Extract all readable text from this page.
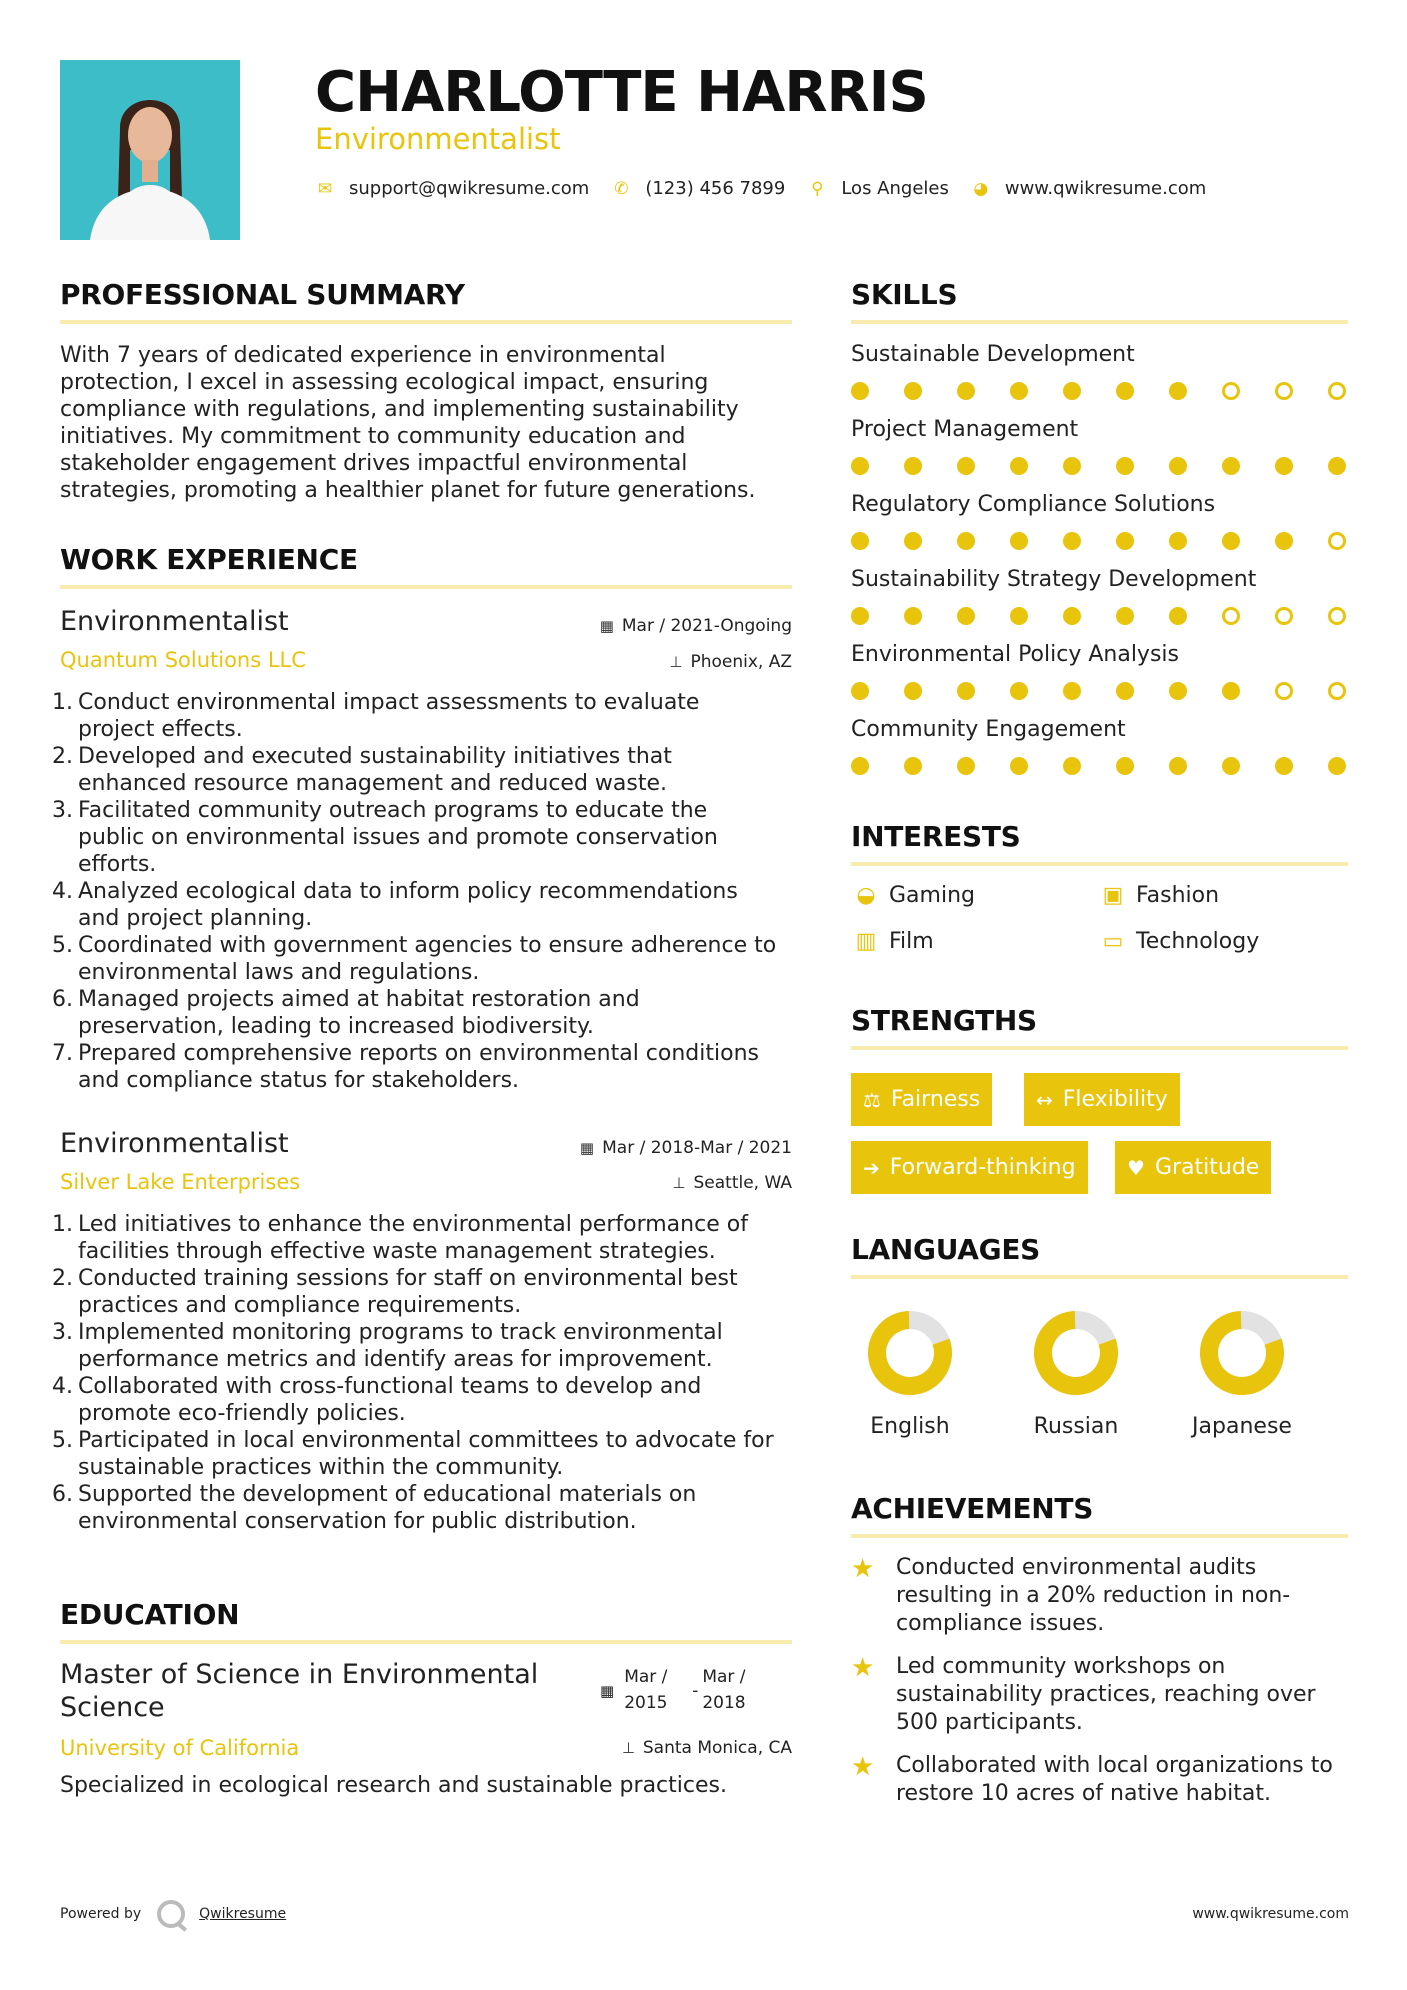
CHARLOTTE HARRIS
Environmentalist
✉ support@qwikresume.com ✆ (123) 456 7899 ⚲ Los Angeles ◕ www.qwikresume.com
PROFESSIONAL SUMMARY
With 7 years of dedicated experience in environmental protection, I excel in assessing ecological impact, ensuring compliance with regulations, and implementing sustainability initiatives. My commitment to community education and stakeholder engagement drives impactful environmental strategies, promoting a healthier planet for future generations.
WORK EXPERIENCE
Environmentalist	▦ Mar / 2021-Ongoing
Quantum Solutions LLC	⊥ Phoenix, AZ
1. Conduct environmental impact assessments to evaluate project effects.
2. Developed and executed sustainability initiatives that enhanced resource management and reduced waste.
3. Facilitated community outreach programs to educate the public on environmental issues and promote conservation efforts.
4. Analyzed ecological data to inform policy recommendations and project planning.
5. Coordinated with government agencies to ensure adherence to environmental laws and regulations.
6. Managed projects aimed at habitat restoration and preservation, leading to increased biodiversity.
7. Prepared comprehensive reports on environmental conditions and compliance status for stakeholders.
Environmentalist	▦ Mar / 2018-Mar / 2021
Silver Lake Enterprises	⊥ Seattle, WA
1. Led initiatives to enhance the environmental performance of facilities through effective waste management strategies.
2. Conducted training sessions for staff on environmental best practices and compliance requirements.
3. Implemented monitoring programs to track environmental performance metrics and identify areas for improvement.
4. Collaborated with cross-functional teams to develop and promote eco-friendly policies.
5. Participated in local environmental committees to advocate for sustainable practices within the community.
6. Supported the development of educational materials on environmental conservation for public distribution.
EDUCATION
Master of Science in Environmental Science
▦
Mar / 2015
-
Mar / 2018
University of California	⊥ Santa Monica, CA
Specialized in ecological research and sustainable practices.
SKILLS
Sustainable Development
Project Management
Regulatory Compliance Solutions
Sustainability Strategy Development
Environmental Policy Analysis
Community Engagement
INTERESTS
◒ Gaming	▣ Fashion
▥ Film	▭ Technology
STRENGTHS
⚖ Fairness	↔ Flexibility
➔ Forward-thinking	♥ Gratitude
LANGUAGES
English	Russian	Japanese
ACHIEVEMENTS
★ Conducted environmental audits resulting in a 20% reduction in non-compliance issues.
★ Led community workshops on sustainability practices, reaching over 500 participants.
★ Collaborated with local organizations to restore 10 acres of native habitat.
Powered by	Qwikresume	www.qwikresume.com
